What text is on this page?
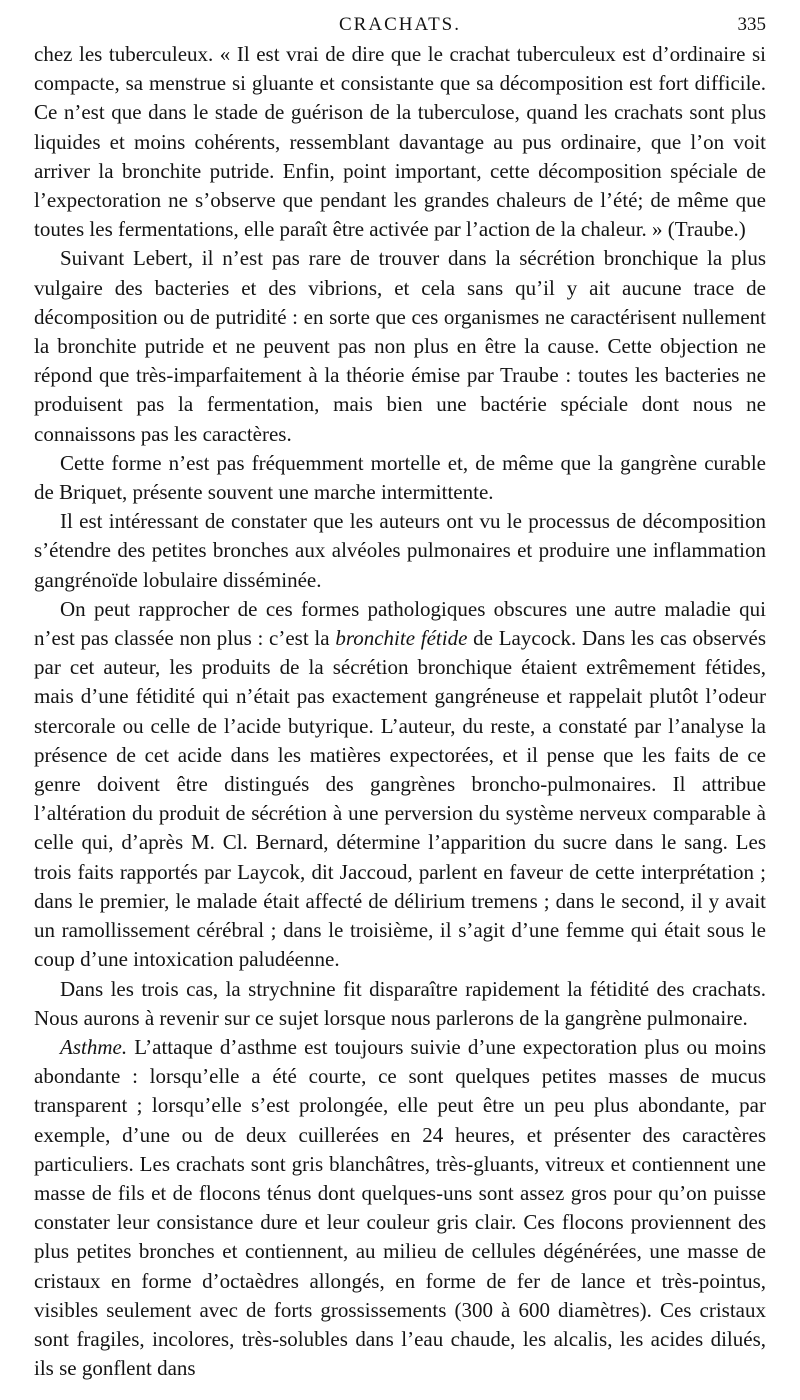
CRACHATS.	335

chez les tuberculeux. « Il est vrai de dire que le crachat tuberculeux est d’ordinaire si compacte, sa menstrue si gluante et consistante que sa décomposition est fort difficile. Ce n’est que dans le stade de guérison de la tuberculose, quand les crachats sont plus liquides et moins cohérents, ressemblant davantage au pus ordinaire, que l’on voit arriver la bronchite putride. Enfin, point important, cette décomposition spéciale de l’expectoration ne s’observe que pendant les grandes chaleurs de l’été; de même que toutes les fermentations, elle paraît être activée par l’action de la chaleur. » (Traube.)

Suivant Lebert, il n’est pas rare de trouver dans la sécrétion bronchique la plus vulgaire des bacteries et des vibrions, et cela sans qu’il y ait aucune trace de décomposition ou de putridité : en sorte que ces organismes ne caractérisent nullement la bronchite putride et ne peuvent pas non plus en être la cause. Cette objection ne répond que très-imparfaitement à la théorie émise par Traube : toutes les bacteries ne produisent pas la fermentation, mais bien une bactérie spéciale dont nous ne connaissons pas les caractères.

Cette forme n’est pas fréquemment mortelle et, de même que la gangrène curable de Briquet, présente souvent une marche intermittente.

Il est intéressant de constater que les auteurs ont vu le processus de décomposition s’étendre des petites bronches aux alvéoles pulmonaires et produire une inflammation gangrénoïde lobulaire disséminée.

On peut rapprocher de ces formes pathologiques obscures une autre maladie qui n’est pas classée non plus : c’est la bronchite fétide de Laycock. Dans les cas observés par cet auteur, les produits de la sécrétion bronchique étaient extrêmement fétides, mais d’une fétidité qui n’était pas exactement gangréneuse et rappelait plutôt l’odeur stercorale ou celle de l’acide butyrique. L’auteur, du reste, a constaté par l’analyse la présence de cet acide dans les matières expectorées, et il pense que les faits de ce genre doivent être distingués des gangrènes broncho-pulmonaires. Il attribue l’altération du produit de sécrétion à une perversion du système nerveux comparable à celle qui, d’après M. Cl. Bernard, détermine l’apparition du sucre dans le sang. Les trois faits rapportés par Laycok, dit Jaccoud, parlent en faveur de cette interprétation ; dans le premier, le malade était affecté de délirium tremens ; dans le second, il y avait un ramollissement cérébral ; dans le troisième, il s’agit d’une femme qui était sous le coup d’une intoxication paludéenne.

Dans les trois cas, la strychnine fit disparaître rapidement la fétidité des crachats. Nous aurons à revenir sur ce sujet lorsque nous parlerons de la gangrène pulmonaire.

Asthme. L’attaque d’asthme est toujours suivie d’une expectoration plus ou moins abondante : lorsqu’elle a été courte, ce sont quelques petites masses de mucus transparent ; lorsqu’elle s’est prolongée, elle peut être un peu plus abondante, par exemple, d’une ou de deux cuillerées en 24 heures, et présenter des caractères particuliers. Les crachats sont gris blanchâtres, très-gluants, vitreux et contiennent une masse de fils et de flocons ténus dont quelques-uns sont assez gros pour qu’on puisse constater leur consistance dure et leur couleur gris clair. Ces flocons proviennent des plus petites bronches et contiennent, au milieu de cellules dégénérées, une masse de cristaux en forme d’octaèdres allongés, en forme de fer de lance et très-pointus, visibles seulement avec de forts grossissements (300 à 600 diamètres). Ces cristaux sont fragiles, incolores, très-solubles dans l’eau chaude, les alcalis, les acides dilués, ils se gonflent dans
